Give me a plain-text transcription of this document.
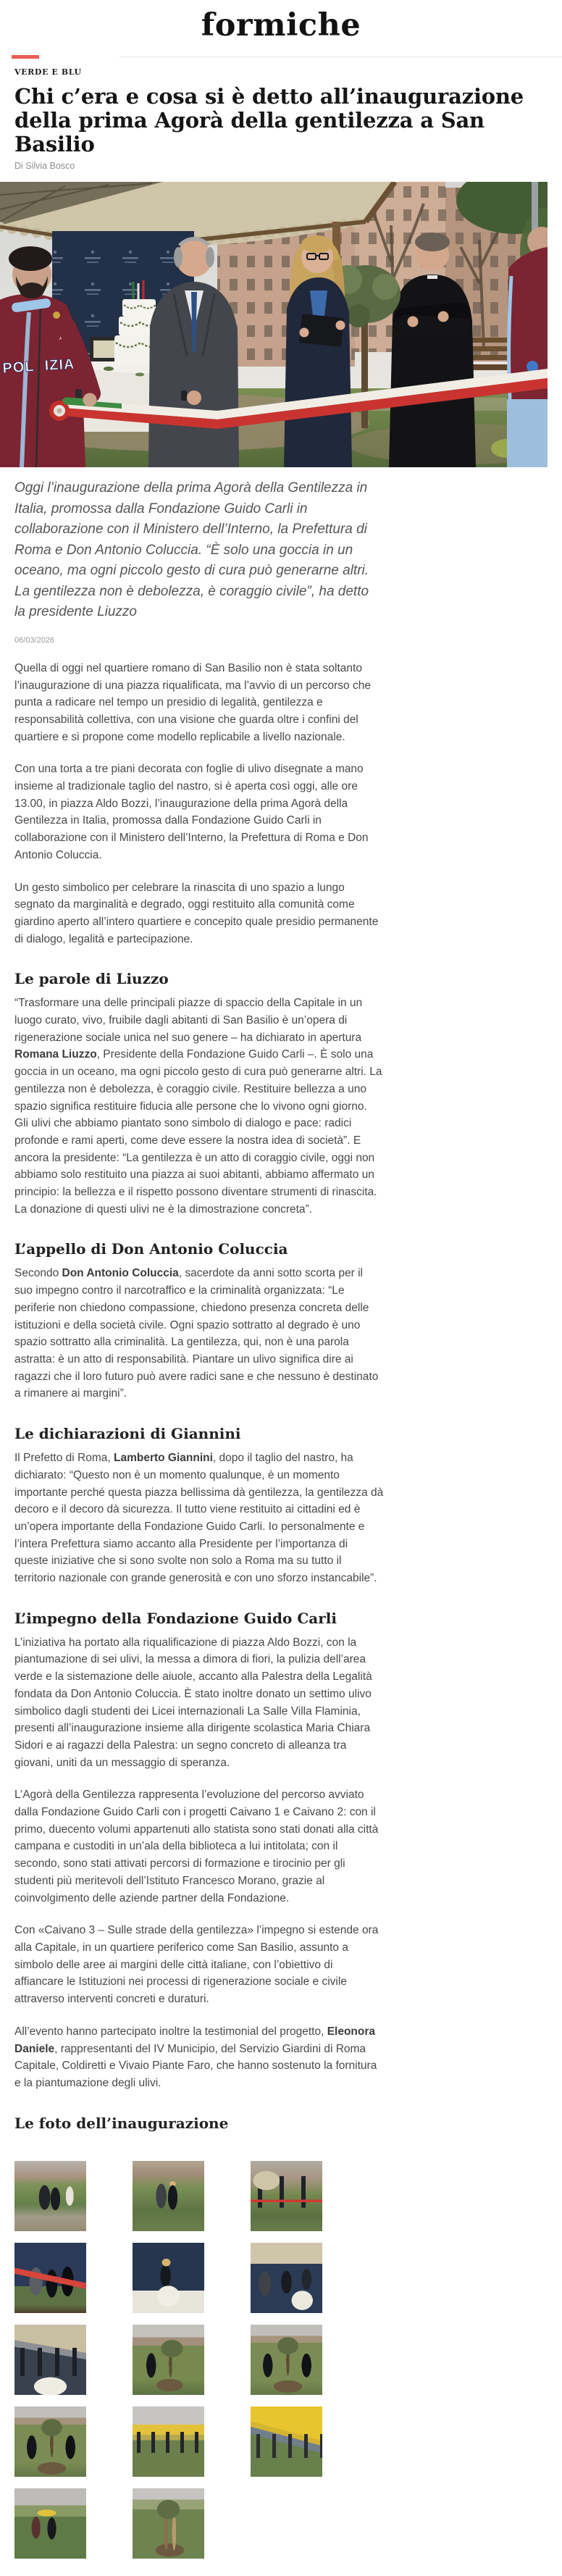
formiche
VERDE E BLU
Chi c’era e cosa si è detto all’inaugurazione della prima Agorà della gentilezza a San Basilio
Di Silvia Bosco
errea
Allianz
POL IZIA

Oggi l’inaugurazione della prima Agorà della Gentilezza in Italia, promossa dalla Fondazione Guido Carli in collaborazione con il Ministero dell’Interno, la Prefettura di Roma e Don Antonio Coluccia. “È solo una goccia in un oceano, ma ogni piccolo gesto di cura può generarne altri. La gentilezza non è debolezza, è coraggio civile”, ha detto la presidente Liuzzo

06/03/2026

Quella di oggi nel quartiere romano di San Basilio non è stata soltanto l’inaugurazione di una piazza riqualificata, ma l’avvio di un percorso che punta a radicare nel tempo un presidio di legalità, gentilezza e responsabilità collettiva, con una visione che guarda oltre i confini del quartiere e si propone come modello replicabile a livello nazionale.

Con una torta a tre piani decorata con foglie di ulivo disegnate a mano insieme al tradizionale taglio del nastro, si è aperta così oggi, alle ore 13.00, in piazza Aldo Bozzi, l’inaugurazione della prima Agorà della Gentilezza in Italia, promossa dalla Fondazione Guido Carli in collaborazione con il Ministero dell’Interno, la Prefettura di Roma e Don Antonio Coluccia.

Un gesto simbolico per celebrare la rinascita di uno spazio a lungo segnato da marginalità e degrado, oggi restituito alla comunità come giardino aperto all’intero quartiere e concepito quale presidio permanente di dialogo, legalità e partecipazione.

Le parole di Liuzzo

“Trasformare una delle principali piazze di spaccio della Capitale in un luogo curato, vivo, fruibile dagli abitanti di San Basilio è un’opera di rigenerazione sociale unica nel suo genere – ha dichiarato in apertura Romana Liuzzo, Presidente della Fondazione Guido Carli –. È solo una goccia in un oceano, ma ogni piccolo gesto di cura può generarne altri. La gentilezza non è debolezza, è coraggio civile. Restituire bellezza a uno spazio significa restituire fiducia alle persone che lo vivono ogni giorno. Gli ulivi che abbiamo piantato sono simbolo di dialogo e pace: radici profonde e rami aperti, come deve essere la nostra idea di società”. E ancora la presidente: “La gentilezza è un atto di coraggio civile, oggi non abbiamo solo restituito una piazza ai suoi abitanti, abbiamo affermato un principio: la bellezza e il rispetto possono diventare strumenti di rinascita. La donazione di questi ulivi ne è la dimostrazione concreta”.

L’appello di Don Antonio Coluccia

Secondo Don Antonio Coluccia, sacerdote da anni sotto scorta per il suo impegno contro il narcotraffico e la criminalità organizzata: “Le periferie non chiedono compassione, chiedono presenza concreta delle istituzioni e della società civile. Ogni spazio sottratto al degrado è uno spazio sottratto alla criminalità. La gentilezza, qui, non è una parola astratta: è un atto di responsabilità. Piantare un ulivo significa dire ai ragazzi che il loro futuro può avere radici sane e che nessuno è destinato a rimanere ai margini”.

Le dichiarazioni di Giannini

Il Prefetto di Roma, Lamberto Giannini, dopo il taglio del nastro, ha dichiarato: “Questo non è un momento qualunque, è un momento importante perché questa piazza bellissima dà gentilezza, la gentilezza dà decoro e il decoro dà sicurezza. Il tutto viene restituito ai cittadini ed è un’opera importante della Fondazione Guido Carli. Io personalmente e l’intera Prefettura siamo accanto alla Presidente per l’importanza di queste iniziative che si sono svolte non solo a Roma ma su tutto il territorio nazionale con grande generosità e con uno sforzo instancabile”.

L’impegno della Fondazione Guido Carli

L’iniziativa ha portato alla riqualificazione di piazza Aldo Bozzi, con la piantumazione di sei ulivi, la messa a dimora di fiori, la pulizia dell’area verde e la sistemazione delle aiuole, accanto alla Palestra della Legalità fondata da Don Antonio Coluccia. È stato inoltre donato un settimo ulivo simbolico dagli studenti dei Licei internazionali La Salle Villa Flaminia, presenti all’inaugurazione insieme alla dirigente scolastica Maria Chiara Sidori e ai ragazzi della Palestra: un segno concreto di alleanza tra giovani, uniti da un messaggio di speranza.

L’Agorà della Gentilezza rappresenta l’evoluzione del percorso avviato dalla Fondazione Guido Carli con i progetti Caivano 1 e Caivano 2: con il primo, duecento volumi appartenuti allo statista sono stati donati alla città campana e custoditi in un’ala della biblioteca a lui intitolata; con il secondo, sono stati attivati percorsi di formazione e tirocinio per gli studenti più meritevoli dell’Istituto Francesco Morano, grazie al coinvolgimento delle aziende partner della Fondazione.

Con «Caivano 3 – Sulle strade della gentilezza» l’impegno si estende ora alla Capitale, in un quartiere periferico come San Basilio, assunto a simbolo delle aree ai margini delle città italiane, con l’obiettivo di affiancare le Istituzioni nei processi di rigenerazione sociale e civile attraverso interventi concreti e duraturi.

All’evento hanno partecipato inoltre la testimonial del progetto, Eleonora Daniele, rappresentanti del IV Municipio, del Servizio Giardini di Roma Capitale, Coldiretti e Vivaio Piante Faro, che hanno sostenuto la fornitura e la piantumazione degli ulivi.

Le foto dell’inaugurazione
